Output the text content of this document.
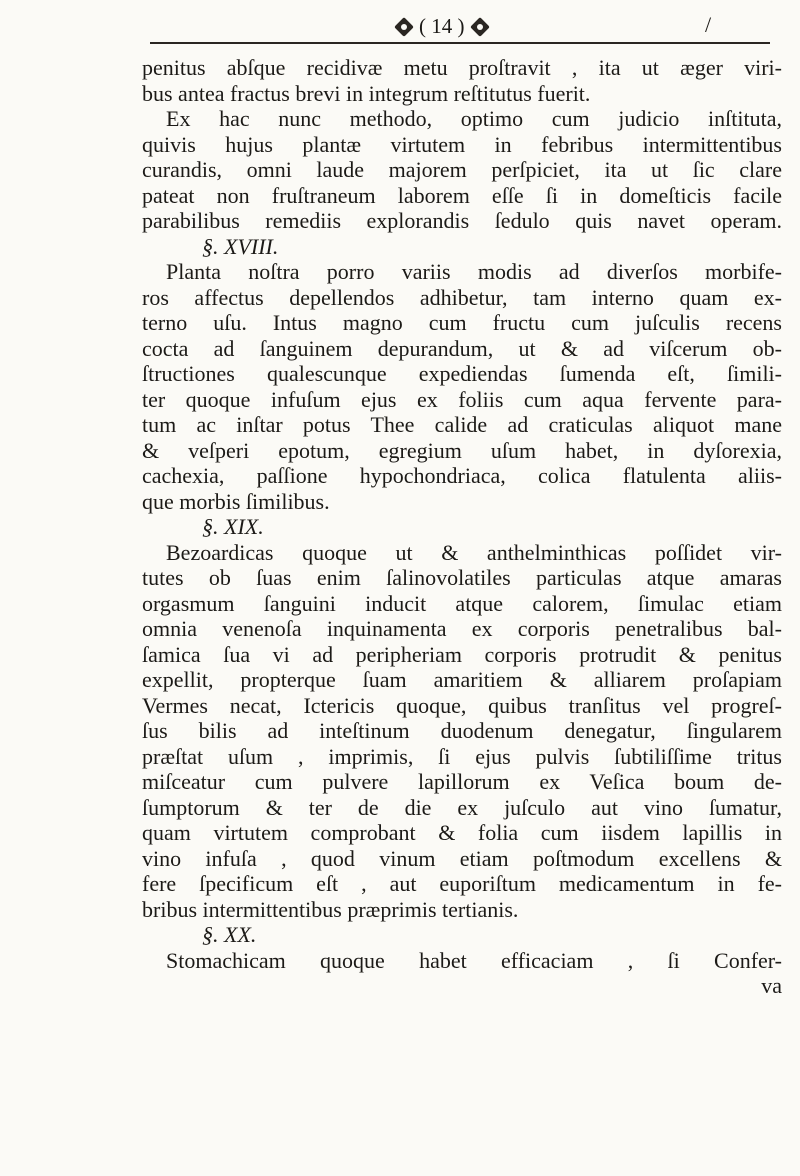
( 14 )	/
penitus abſque recidivæ metu proſtravit , ita ut æger viri-
bus antea fractus brevi in integrum reſtitutus fuerit.
Ex hac nunc methodo, optimo cum judicio inſtituta,
quivis hujus plantæ virtutem in febribus intermittentibus
curandis, omni laude majorem perſpiciet, ita ut ſic clare
pateat non fruſtraneum laborem eſſe ſi in domeſticis facile
parabilibus remediis explorandis ſedulo quis navet operam.
§. XVIII.
Planta noſtra porro variis modis ad diverſos morbife-
ros affectus depellendos adhibetur, tam interno quam ex-
terno uſu. Intus magno cum fructu cum juſculis recens
cocta ad ſanguinem depurandum, ut & ad viſcerum ob-
ſtructiones qualescunque expediendas ſumenda eſt, ſimili-
ter quoque infuſum ejus ex foliis cum aqua fervente para-
tum ac inſtar potus Thee calide ad craticulas aliquot mane
& veſperi epotum, egregium uſum habet, in dyſorexia,
cachexia, paſſione hypochondriaca, colica flatulenta aliis-
que morbis ſimilibus.
§. XIX.
Bezoardicas quoque ut & anthelminthicas poſſidet vir-
tutes ob ſuas enim ſalinovolatiles particulas atque amaras
orgasmum ſanguini inducit atque calorem, ſimulac etiam
omnia venenoſa inquinamenta ex corporis penetralibus bal-
ſamica ſua vi ad peripheriam corporis protrudit & penitus
expellit, propterque ſuam amaritiem & alliarem proſapiam
Vermes necat, Ictericis quoque, quibus tranſitus vel progreſ-
ſus bilis ad inteſtinum duodenum denegatur, ſingularem
præſtat uſum , imprimis, ſi ejus pulvis ſubtiliſſime tritus
miſceatur cum pulvere lapillorum ex Veſica boum de-
ſumptorum & ter de die ex juſculo aut vino ſumatur,
quam virtutem comprobant & folia cum iisdem lapillis in
vino infuſa , quod vinum etiam poſtmodum excellens &
fere ſpecificum eſt , aut euporiſtum medicamentum in fe-
bribus intermittentibus præprimis tertianis.
§. XX.
Stomachicam quoque habet efficaciam , ſi Confer-
va
